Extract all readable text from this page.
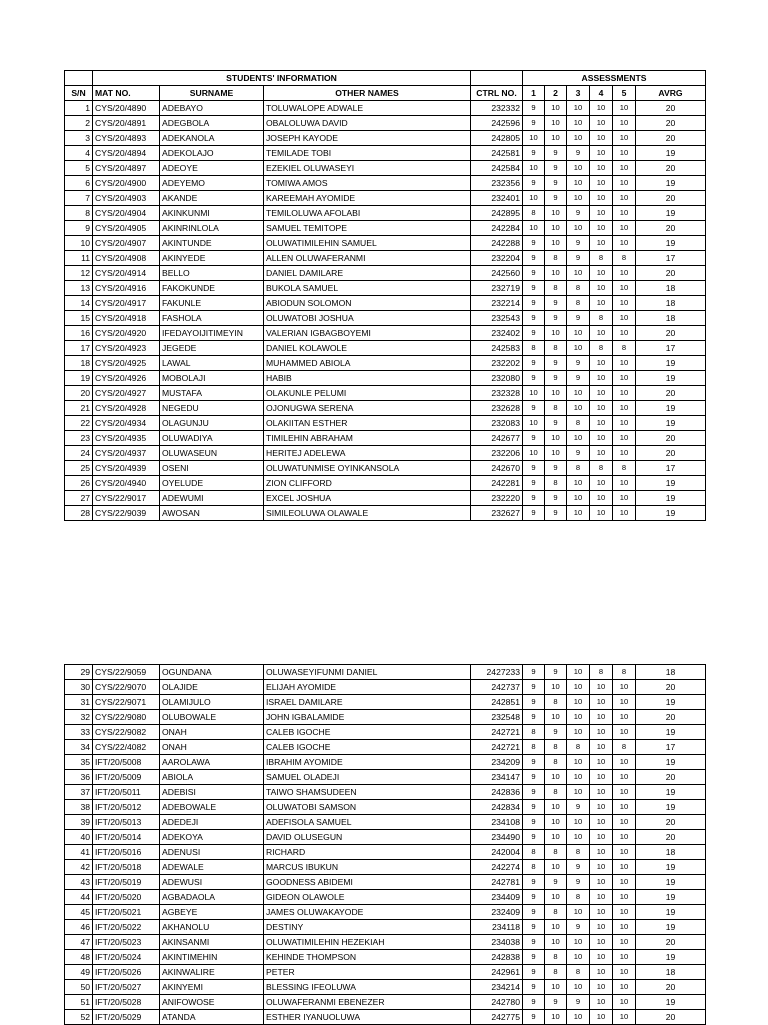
	STUDENTS' INFORMATION				ASSESSMENTS					
S/N	MAT NO.	SURNAME	OTHER NAMES	CTRL NO.	1	2	3	4	5	AVRG
1	CYS/20/4890	ADEBAYO	TOLUWALOPE ADWALE	232332	9	10	10	10	10	20
2	CYS/20/4891	ADEGBOLA	OBALOLUWA DAVID	242596	9	10	10	10	10	20
3	CYS/20/4893	ADEKANOLA	JOSEPH KAYODE	242805	10	10	10	10	10	20
4	CYS/20/4894	ADEKOLAJO	TEMILADE TOBI	242581	9	9	9	10	10	19
5	CYS/20/4897	ADEOYE	EZEKIEL OLUWASEYI	242584	10	9	10	10	10	20
6	CYS/20/4900	ADEYEMO	TOMIWA AMOS	232356	9	9	10	10	10	19
7	CYS/20/4903	AKANDE	KAREEMAH AYOMIDE	232401	10	9	10	10	10	20
8	CYS/20/4904	AKINKUNMI	TEMILOLUWA AFOLABI	242895	8	10	9	10	10	19
9	CYS/20/4905	AKINRINLOLA	SAMUEL TEMITOPE	242284	10	10	10	10	10	20
10	CYS/20/4907	AKINTUNDE	OLUWATIMILEHIN SAMUEL	242288	9	10	9	10	10	19
11	CYS/20/4908	AKINYEDE	ALLEN OLUWAFERANMI	232204	9	8	9	8	8	17
12	CYS/20/4914	BELLO	DANIEL DAMILARE	242560	9	10	10	10	10	20
13	CYS/20/4916	FAKOKUNDE	BUKOLA SAMUEL	232719	9	8	8	10	10	18
14	CYS/20/4917	FAKUNLE	ABIODUN SOLOMON	232214	9	9	8	10	10	18
15	CYS/20/4918	FASHOLA	OLUWATOBI JOSHUA	232543	9	9	9	8	10	18
16	CYS/20/4920	IFEDAYOIJITIMEYIN	VALERIAN IGBAGBOYEMI	232402	9	10	10	10	10	20
17	CYS/20/4923	JEGEDE	DANIEL KOLAWOLE	242583	8	8	10	8	8	17
18	CYS/20/4925	LAWAL	MUHAMMED ABIOLA	232202	9	9	9	10	10	19
19	CYS/20/4926	MOBOLAJI	HABIB	232080	9	9	9	10	10	19
20	CYS/20/4927	MUSTAFA	OLAKUNLE PELUMI	232328	10	10	10	10	10	20
21	CYS/20/4928	NEGEDU	OJONUGWA SERENA	232628	9	8	10	10	10	19
22	CYS/20/4934	OLAGUNJU	OLAKIITAN ESTHER	232083	10	9	8	10	10	19
23	CYS/20/4935	OLUWADIYA	TIMILEHIN ABRAHAM	242677	9	10	10	10	10	20
24	CYS/20/4937	OLUWASEUN	HERITEJ ADELEWA	232206	10	10	9	10	10	20
25	CYS/20/4939	OSENI	OLUWATUNMISE OYINKANSOLA	242670	9	9	8	8	8	17
26	CYS/20/4940	OYELUDE	ZION CLIFFORD	242281	9	8	10	10	10	19
27	CYS/22/9017	ADEWUMI	EXCEL JOSHUA	232220	9	9	10	10	10	19
28	CYS/22/9039	AWOSAN	SIMILEOLUWA OLAWALE	232627	9	9	10	10	10	19
29	CYS/22/9059	OGUNDANA	OLUWASEYIFUNMI DANIEL	2427233	9	9	10	8	8	18
30	CYS/22/9070	OLAJIDE	ELIJAH AYOMIDE	242737	9	10	10	10	10	20
31	CYS/22/9071	OLAMIJULO	ISRAEL DAMILARE	242851	9	8	10	10	10	19
32	CYS/22/9080	OLUBOWALE	JOHN IGBALAMIDE	232548	9	10	10	10	10	20
33	CYS/22/9082	ONAH	CALEB IGOCHE	242721	8	9	10	10	10	19
34	CYS/22/4082	ONAH	CALEB IGOCHE	242721	8	8	8	10	8	17
35	IFT/20/5008	AAROLAWA	IBRAHIM AYOMIDE	234209	9	8	10	10	10	19
36	IFT/20/5009	ABIOLA	SAMUEL OLADEJI	234147	9	10	10	10	10	20
37	IFT/20/5011	ADEBISI	TAIWO SHAMSUDEEN	242836	9	8	10	10	10	19
38	IFT/20/5012	ADEBOWALE	OLUWATOBI SAMSON	242834	9	10	9	10	10	19
39	IFT/20/5013	ADEDEJI	ADEFISOLA SAMUEL	234108	9	10	10	10	10	20
40	IFT/20/5014	ADEKOYA	DAVID OLUSEGUN	234490	9	10	10	10	10	20
41	IFT/20/5016	ADENUSI	RICHARD	242004	8	8	8	10	10	18
42	IFT/20/5018	ADEWALE	MARCUS IBUKUN	242274	8	10	9	10	10	19
43	IFT/20/5019	ADEWUSI	GOODNESS ABIDEMI	242781	9	9	9	10	10	19
44	IFT/20/5020	AGBADAOLA	GIDEON OLAWOLE	234409	9	10	8	10	10	19
45	IFT/20/5021	AGBEYE	JAMES OLUWAKAYODE	232409	9	8	10	10	10	19
46	IFT/20/5022	AKHANOLU	DESTINY	234118	9	10	9	10	10	19
47	IFT/20/5023	AKINSANMI	OLUWATIMILEHIN HEZEKIAH	234038	9	10	10	10	10	20
48	IFT/20/5024	AKINTIMEHIN	KEHINDE THOMPSON	242838	9	8	10	10	10	19
49	IFT/20/5026	AKINWALIRE	PETER	242961	9	8	8	10	10	18
50	IFT/20/5027	AKINYEMI	BLESSING IFEOLUWA	234214	9	10	10	10	10	20
51	IFT/20/5028	ANIFOWOSE	OLUWAFERANMI EBENEZER	242780	9	9	9	10	10	19
52	IFT/20/5029	ATANDA	ESTHER IYANUOLUWA	242775	9	10	10	10	10	20
